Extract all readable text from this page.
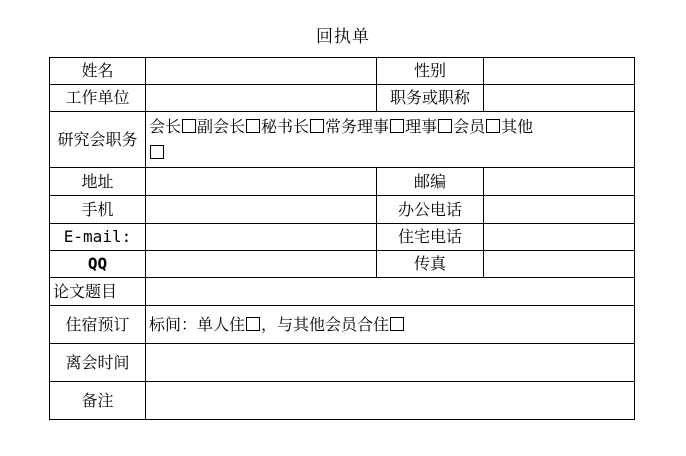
回执单
姓名		性别	
工作单位		职务或职称	
研究会职务	会长 副会长 秘书长 常务理事 理事 会员 其他		

地址		邮编	
手机		办公电话	
E-mail:		住宅电话	
QQ		传真	
论文题目			
住宿预订	标间：单人住 ，与其他会员合住		
离会时间			
备注			
